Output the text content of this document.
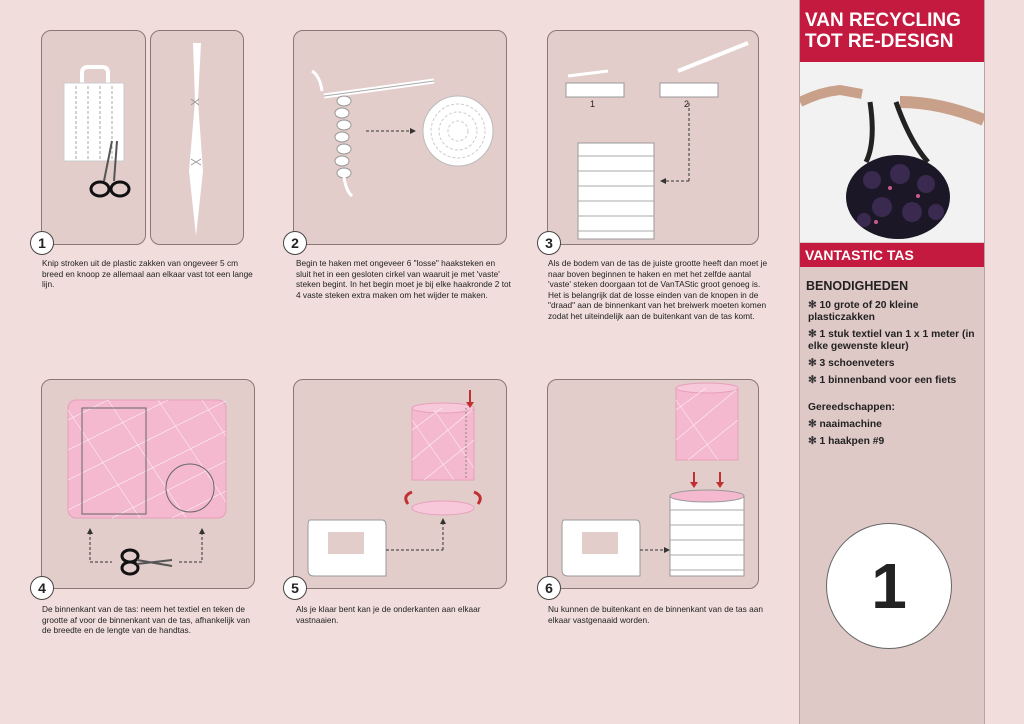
1
Knip stroken uit de plastic zakken van ongeveer 5 cm breed en knoop ze allemaal aan elkaar vast tot een lange lijn.
2
Begin te haken met ongeveer 6 "losse" haaksteken en sluit het in een gesloten cirkel van waaruit je met 'vaste' steken begint. In het begin moet je bij elke haakronde 2 tot 4 vaste steken extra maken om het wijder te maken.
1	2
3
Als de bodem van de tas de juiste grootte heeft dan moet je naar boven beginnen te haken en met het zelfde aantal 'vaste' steken doorgaan tot de VanTAStic groot genoeg is. Het is belangrijk dat de losse einden van de knopen in de "draad" aan de binnenkant van het breiwerk moeten komen zodat het uiteindelijk aan de buitenkant van de tas komt.
4
De binnenkant van de tas: neem het textiel en teken de grootte af voor de binnenkant van de tas, afhankelijk van de breedte en de lengte van de handtas.
5
Als je klaar bent kan je de onderkanten aan elkaar vastnaaien.
6
Nu kunnen de buitenkant en de binnenkant van de tas aan elkaar vastgenaaid worden.
VAN RECYCLING
TOT RE-DESIGN
VANTASTIC TAS
BENODIGHEDEN
✻ 10 grote of 20 kleine plasticzakken
✻ 1 stuk textiel van 1 x 1 meter (in elke gewenste kleur)
✻ 3 schoenveters
✻ 1 binnenband voor een fiets
Gereedschappen:
✻ naaimachine
✻ 1 haakpen #9
1
